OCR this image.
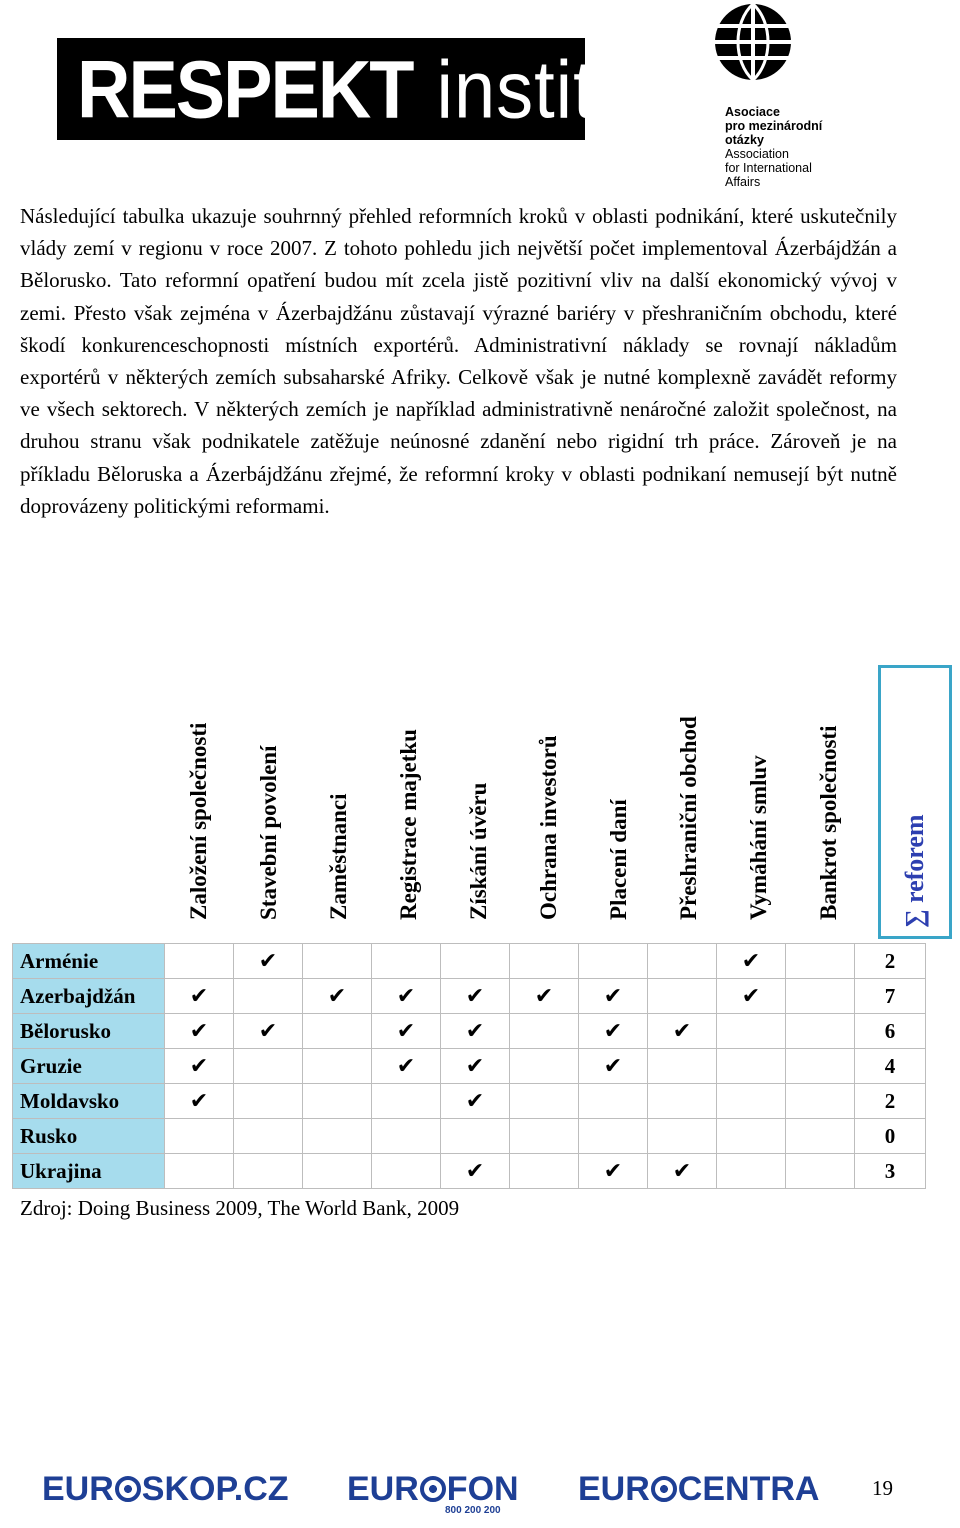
RESPEKT institut	Asociace
pro mezinárodní
otázky
Association
for International
Affairs

Následující tabulka ukazuje souhrnný přehled reformních kroků v oblasti podnikání, které uskutečnily vlády zemí v regionu v roce 2007. Z tohoto pohledu jich největší počet implementoval Ázerbájdžán a Bělorusko. Tato reformní opatření budou mít zcela jistě pozitivní vliv na další ekonomický vývoj v zemi. Přesto však zejména v Ázerbajdžánu zůstavají výrazné bariéry v přeshraničním obchodu, které škodí konkurenceschopnosti místních exportérů. Administrativní náklady se rovnají nákladům exportérů v některých zemích subsaharské Afriky. Celkově však je nutné komplexně zavádět reformy ve všech sektorech. V některých zemích je například administrativně nenáročné založit společnost, na druhou stranu však podnikatele zatěžuje neúnosné zdanění nebo rigidní trh práce. Zároveň je na příkladu Běloruska a Ázerbájdžánu zřejmé, že reformní kroky v oblasti podnikaní nemusejí být nutně doprovázeny politickými reformami.

Založení společnosti Stavební povolení Zaměstnanci Registrace majetku Získání úvěru Ochrana investorů Placení daní Přeshraniční obchod Vymáhání smluv Bankrot společnosti ∑ reforem
Arménie		✔							✔		2
Azerbajdžán	✔		✔	✔	✔	✔	✔		✔		7
Bělorusko	✔	✔		✔	✔		✔	✔			6
Gruzie	✔			✔	✔		✔				4
Moldavsko	✔				✔						2
Rusko											0
Ukrajina					✔		✔	✔			3
Zdroj: Doing Business 2009, The World Bank, 2009
EUR SKOP.CZ EUR FON
800 200 200
EUR CENTRA	19
